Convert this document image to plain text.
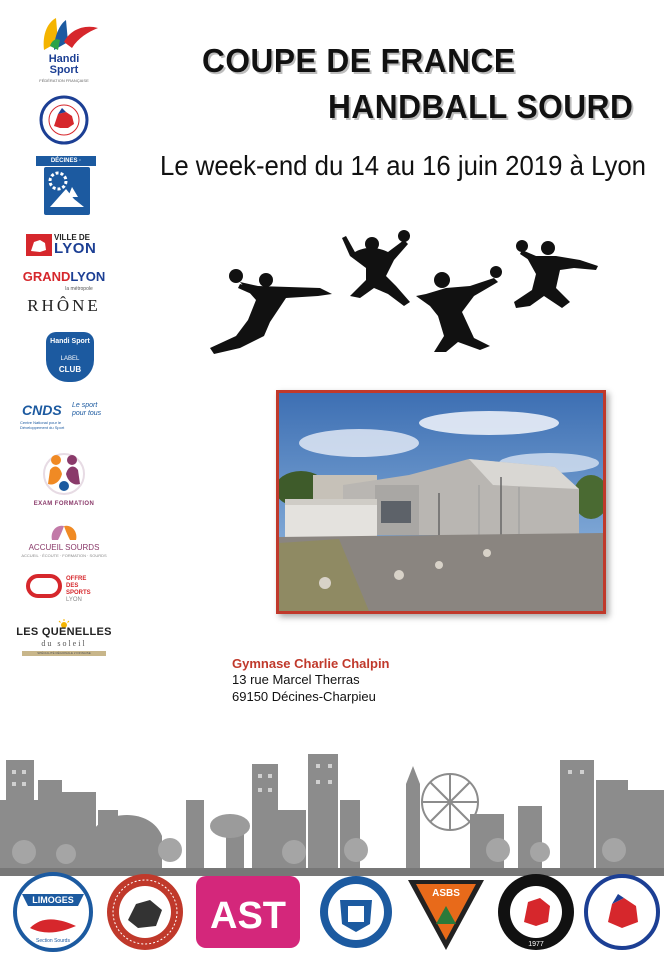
Handi
Sport
FÉDÉRATION FRANÇAISE
DÉCINES ·
VILLE DE
LYON
GRANDLYON
la métropole
RHÔNE
Handi Sport
LABEL
CLUB
CNDS Le sport pour tous
Centre National pour le Développement du Sport
EXAM FORMATION
ACCUEIL SOURDS
ACCUEIL · ÉCOUTE · FORMATION · SOURDS
OFFRE
DES
SPORTS
LYON
LES QUENELLES
du soleil
SPÉCIALITÉ RÉGIONALE LYONNAISE
COUPE DE FRANCE
HANDBALL SOURD
Le week-end du 14 au 16 juin 2019 à Lyon
Gymnase Charlie Chalpin
13 rue Marcel Therras
69150 Décines-Charpieu
LIMOGES
Section Sourds
AST
ASBS
1977
